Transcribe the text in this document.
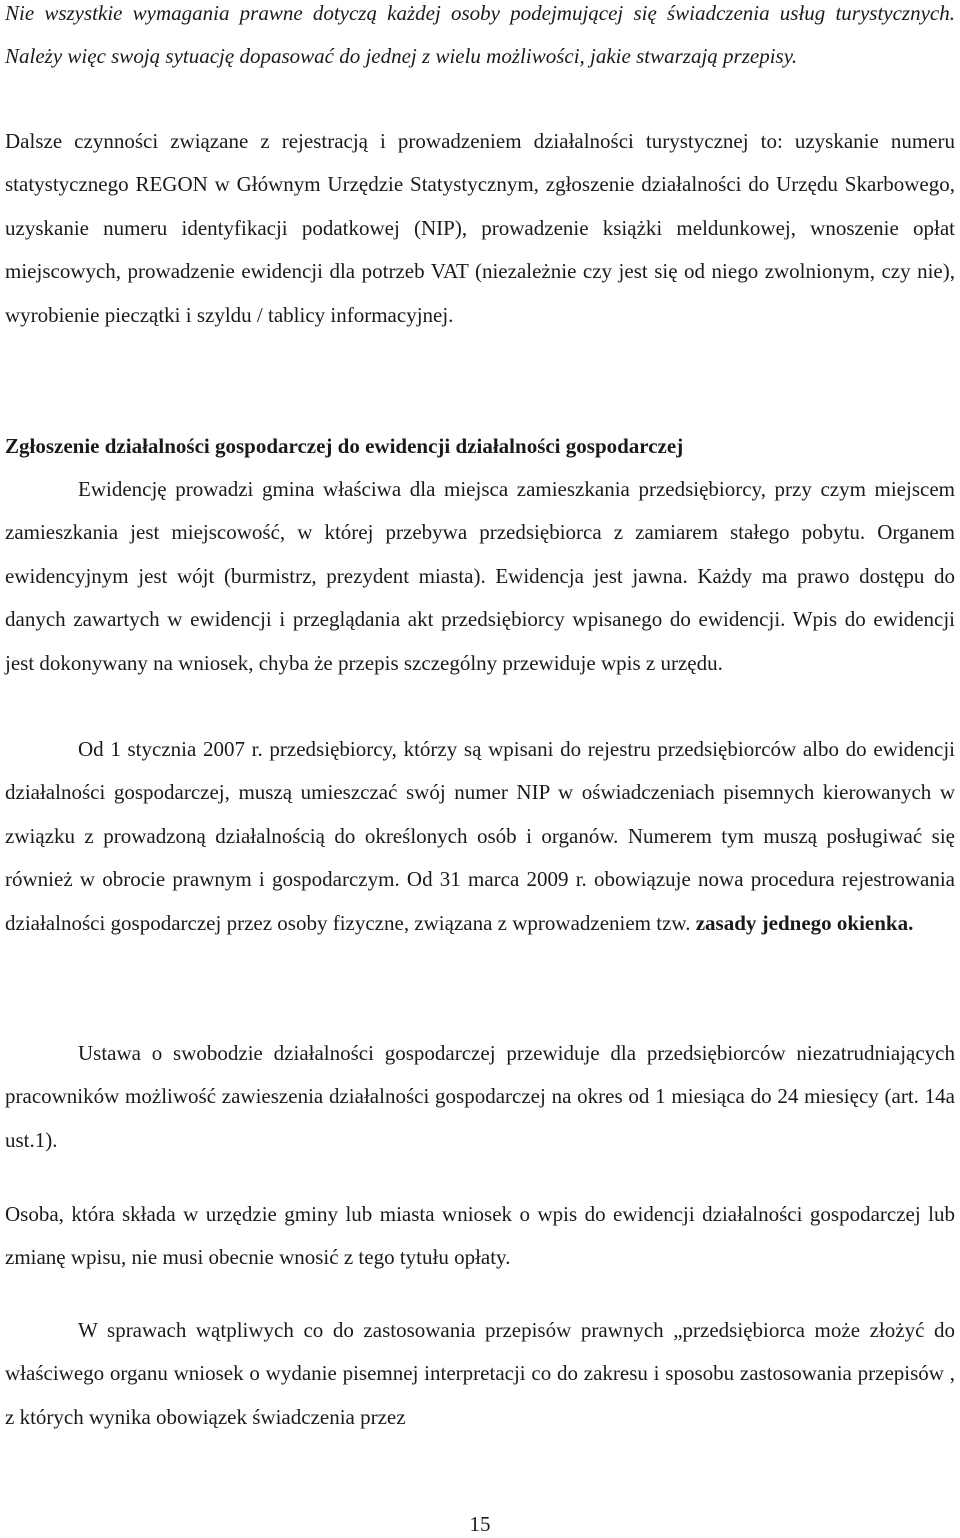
Nie wszystkie wymagania prawne dotyczą każdej osoby podejmującej się świadczenia usług turystycznych. Należy więc swoją sytuację dopasować do jednej z wielu możliwości, jakie stwarzają przepisy.

Dalsze czynności związane z rejestracją i prowadzeniem działalności turystycznej to: uzyskanie numeru statystycznego REGON w Głównym Urzędzie Statystycznym, zgłoszenie działalności do Urzędu Skarbowego, uzyskanie numeru identyfikacji podatkowej (NIP), prowadzenie książki meldunkowej, wnoszenie opłat miejscowych, prowadzenie ewidencji dla potrzeb VAT (niezależnie czy jest się od niego zwolnionym, czy nie), wyrobienie pieczątki i szyldu / tablicy informacyjnej.

Zgłoszenie działalności gospodarczej do ewidencji działalności gospodarczej

Ewidencję prowadzi gmina właściwa dla miejsca zamieszkania przedsiębiorcy, przy czym miejscem zamieszkania jest miejscowość, w której przebywa przedsiębiorca z zamiarem stałego pobytu. Organem ewidencyjnym jest wójt (burmistrz, prezydent miasta). Ewidencja jest jawna. Każdy ma prawo dostępu do danych zawartych w ewidencji i przeglądania akt przedsiębiorcy wpisanego do ewidencji. Wpis do ewidencji jest dokonywany na wniosek, chyba że przepis szczególny przewiduje wpis z urzędu.

Od 1 stycznia 2007 r. przedsiębiorcy, którzy są wpisani do rejestru przedsiębiorców albo do ewidencji działalności gospodarczej, muszą umieszczać swój numer NIP w oświadczeniach pisemnych kierowanych w związku z prowadzoną działalnością do określonych osób i organów. Numerem tym muszą posługiwać się również w obrocie prawnym i gospodarczym. Od 31 marca 2009 r. obowiązuje nowa procedura rejestrowania działalności gospodarczej przez osoby fizyczne, związana z wprowadzeniem tzw. zasady jednego okienka.

Ustawa o swobodzie działalności gospodarczej przewiduje dla przedsiębiorców niezatrudniających pracowników możliwość zawieszenia działalności gospodarczej na okres od 1 miesiąca do 24 miesięcy (art. 14a ust.1).

Osoba, która składa w urzędzie gminy lub miasta wniosek o wpis do ewidencji działalności gospodarczej lub zmianę wpisu, nie musi obecnie wnosić z tego tytułu opłaty.

W sprawach wątpliwych co do zastosowania przepisów prawnych „przedsiębiorca może złożyć do właściwego organu wniosek o wydanie pisemnej interpretacji co do zakresu i sposobu zastosowania przepisów , z których wynika obowiązek świadczenia przez

15
